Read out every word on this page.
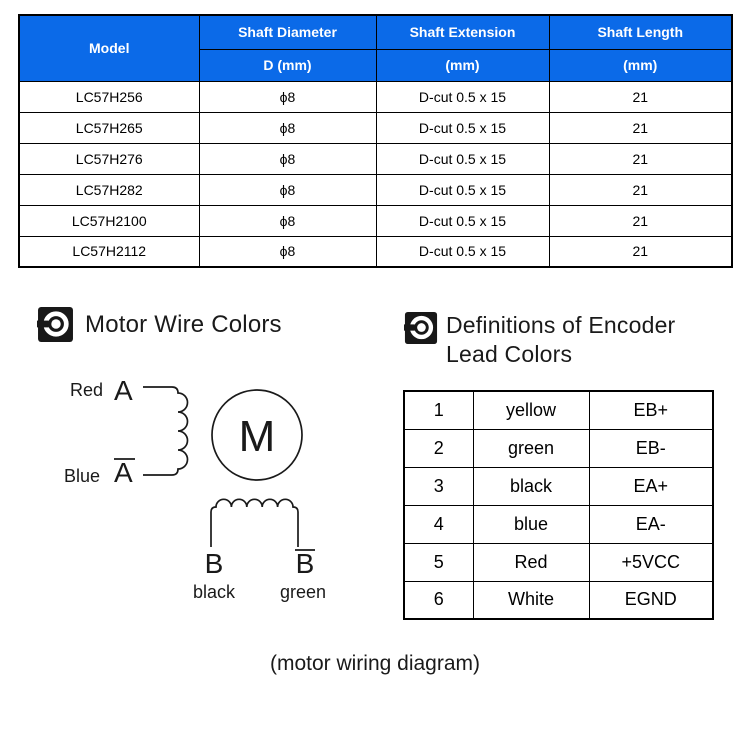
Model	Shaft Diameter	Shaft Extension	Shaft Length
	D (mm)	(mm)	(mm)
LC57H256	ϕ8	D-cut 0.5 x 15	21
LC57H265	ϕ8	D-cut 0.5 x 15	21
LC57H276	ϕ8	D-cut 0.5 x 15	21
LC57H282	ϕ8	D-cut 0.5 x 15	21
LC57H2100	ϕ8	D-cut 0.5 x 15	21
LC57H2112	ϕ8	D-cut 0.5 x 15	21
Motor Wire Colors	Definitions of Encoder
Lead Colors
Red A
Blue A
M
B	B
black green
1	yellow	EB+
2	green	EB-
3	black	EA+
4	blue	EA-
5	Red	+5VCC
6	White	EGND
(motor wiring diagram)
